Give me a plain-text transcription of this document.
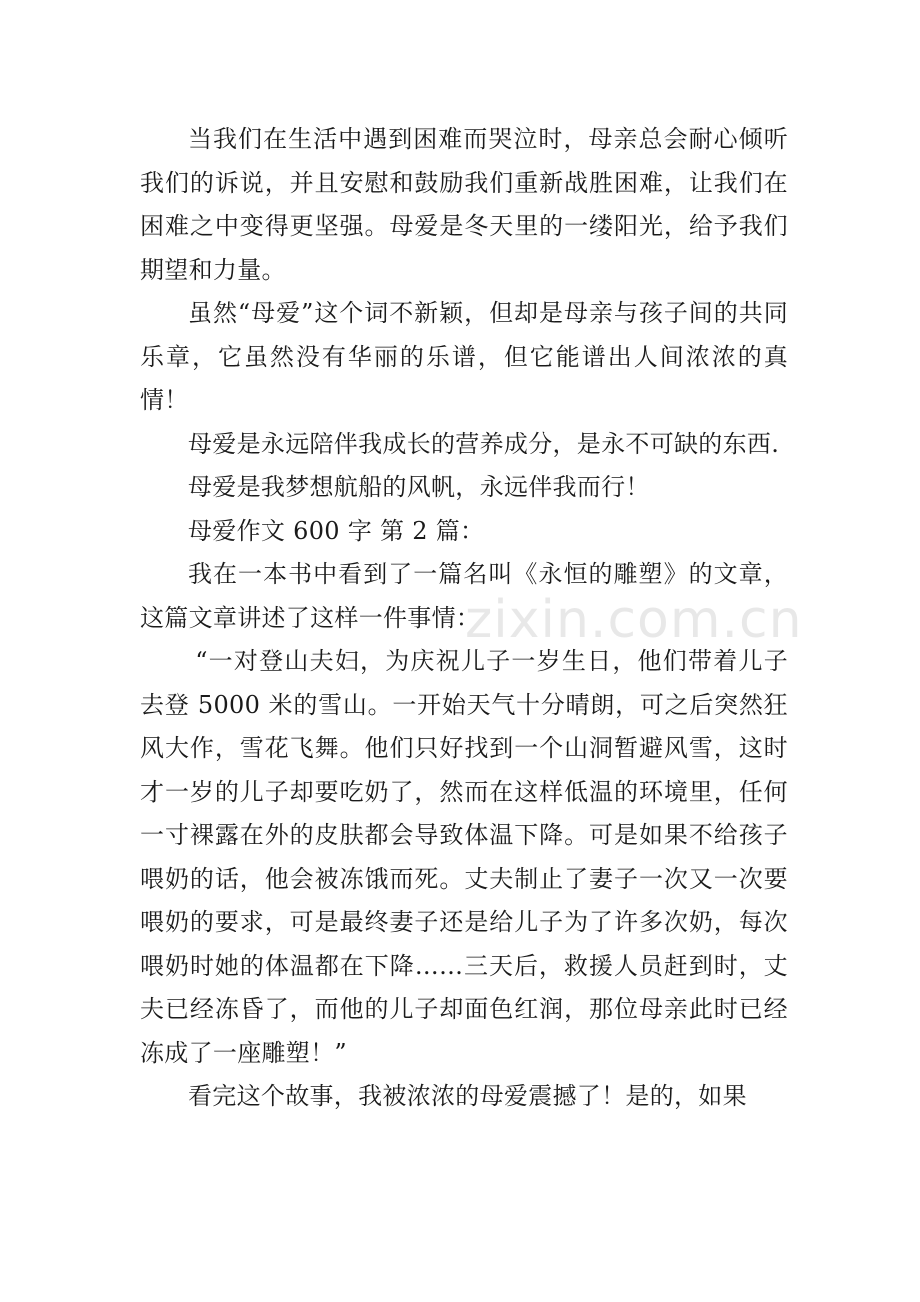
当我们在生活中遇到困难而哭泣时，母亲总会耐心倾听我们的诉说，并且安慰和鼓励我们重新战胜困难，让我们在困难之中变得更坚强。母爱是冬天里的一缕阳光，给予我们期望和力量。

虽然“母爱”这个词不新颖，但却是母亲与孩子间的共同乐章，它虽然没有华丽的乐谱，但它能谱出人间浓浓的真情！

母爱是永远陪伴我成长的营养成分，是永不可缺的东西.

母爱是我梦想航船的风帆，永远伴我而行！

母爱作文 600 字 第 2 篇：

我在一本书中看到了一篇名叫《永恒的雕塑》的文章，这篇文章讲述了这样一件事情：

“一对登山夫妇，为庆祝儿子一岁生日，他们带着儿子去登 5000 米的雪山。一开始天气十分晴朗，可之后突然狂风大作，雪花飞舞。他们只好找到一个山洞暂避风雪，这时才一岁的儿子却要吃奶了，然而在这样低温的环境里，任何一寸裸露在外的皮肤都会导致体温下降。可是如果不给孩子喂奶的话，他会被冻饿而死。丈夫制止了妻子一次又一次要喂奶的要求，可是最终妻子还是给儿子为了许多次奶，每次喂奶时她的体温都在下降……三天后，救援人员赶到时，丈夫已经冻昏了，而他的儿子却面色红润，那位母亲此时已经冻成了一座雕塑！”

看完这个故事，我被浓浓的母爱震撼了！是的，如果

zixin.com.cn
